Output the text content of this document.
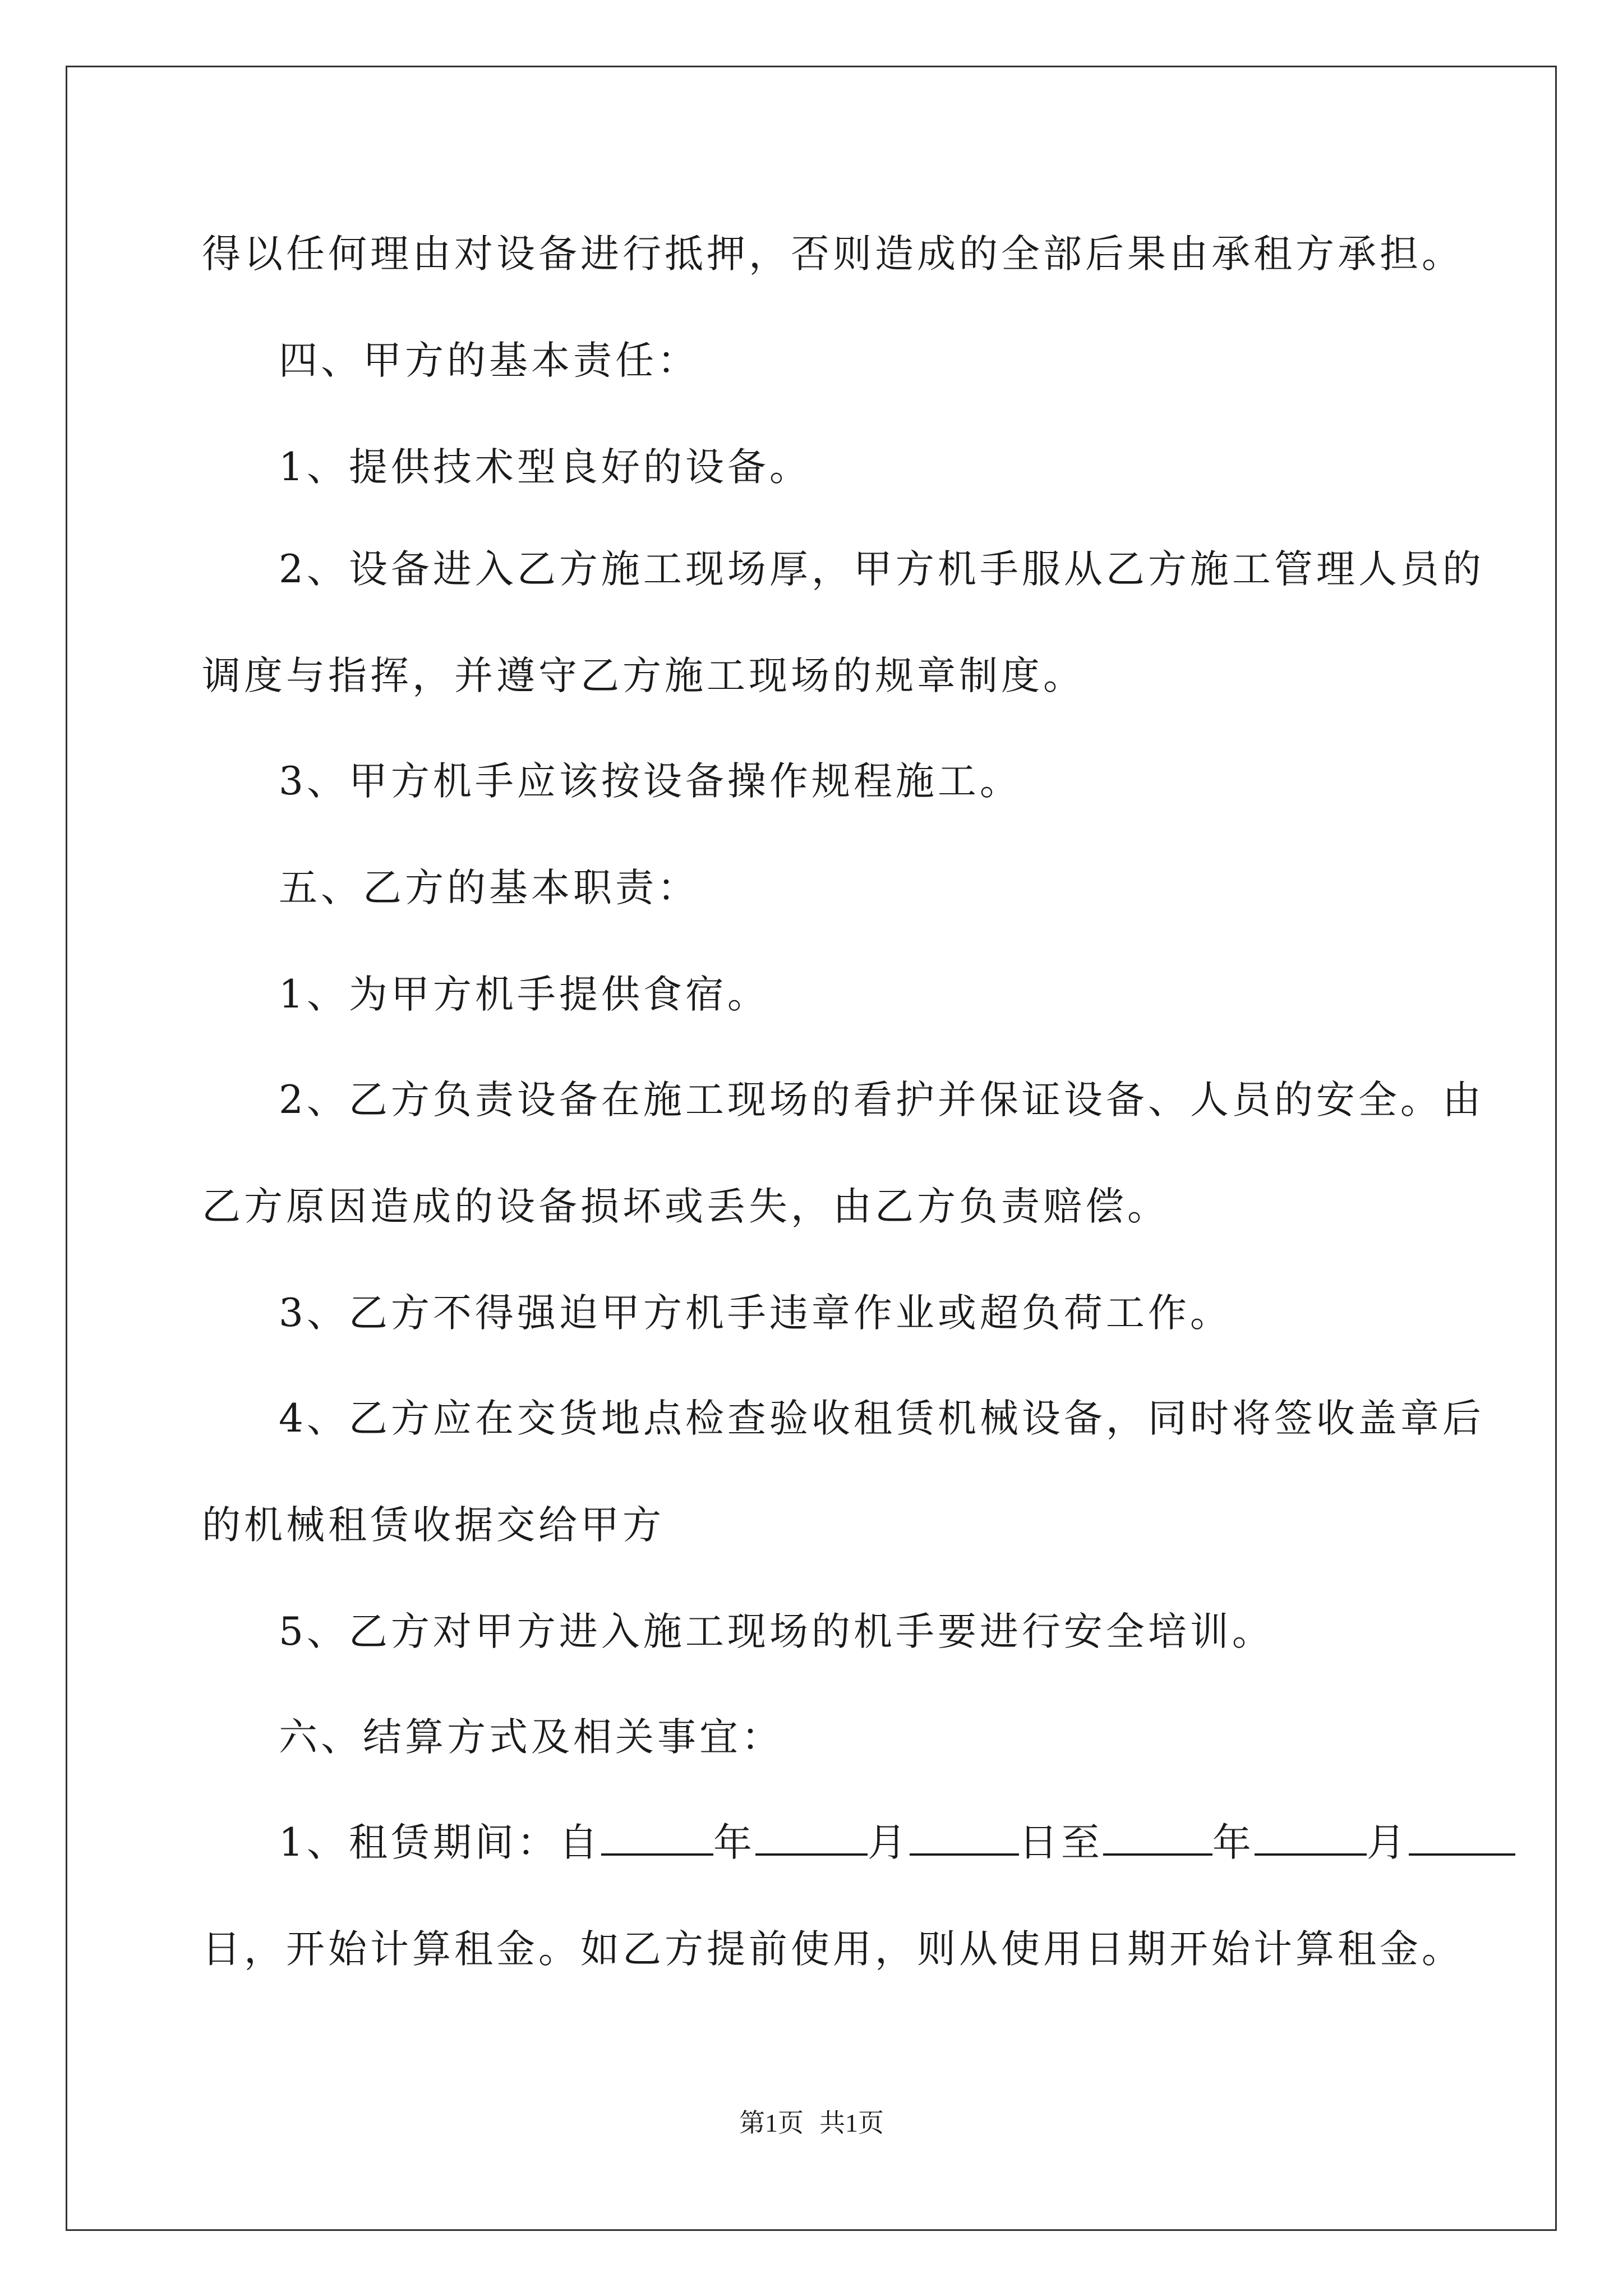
得以任何理由对设备进行抵押，否则造成的全部后果由承租方承担。
四、甲方的基本责任：
1、提供技术型良好的设备。
2、设备进入乙方施工现场厚，甲方机手服从乙方施工管理人员的
调度与指挥，并遵守乙方施工现场的规章制度。
3、甲方机手应该按设备操作规程施工。
五、乙方的基本职责：
1、为甲方机手提供食宿。
2、乙方负责设备在施工现场的看护并保证设备、人员的安全。由
乙方原因造成的设备损坏或丢失，由乙方负责赔偿。
3、乙方不得强迫甲方机手违章作业或超负荷工作。
4、乙方应在交货地点检查验收租赁机械设备，同时将签收盖章后
的机械租赁收据交给甲方
5、乙方对甲方进入施工现场的机手要进行安全培训。
六、结算方式及相关事宜：
1、租赁期间：自	年	月	日至	年	月
日，开始计算租金。如乙方提前使用，则从使用日期开始计算租金。
第1页 共1页
